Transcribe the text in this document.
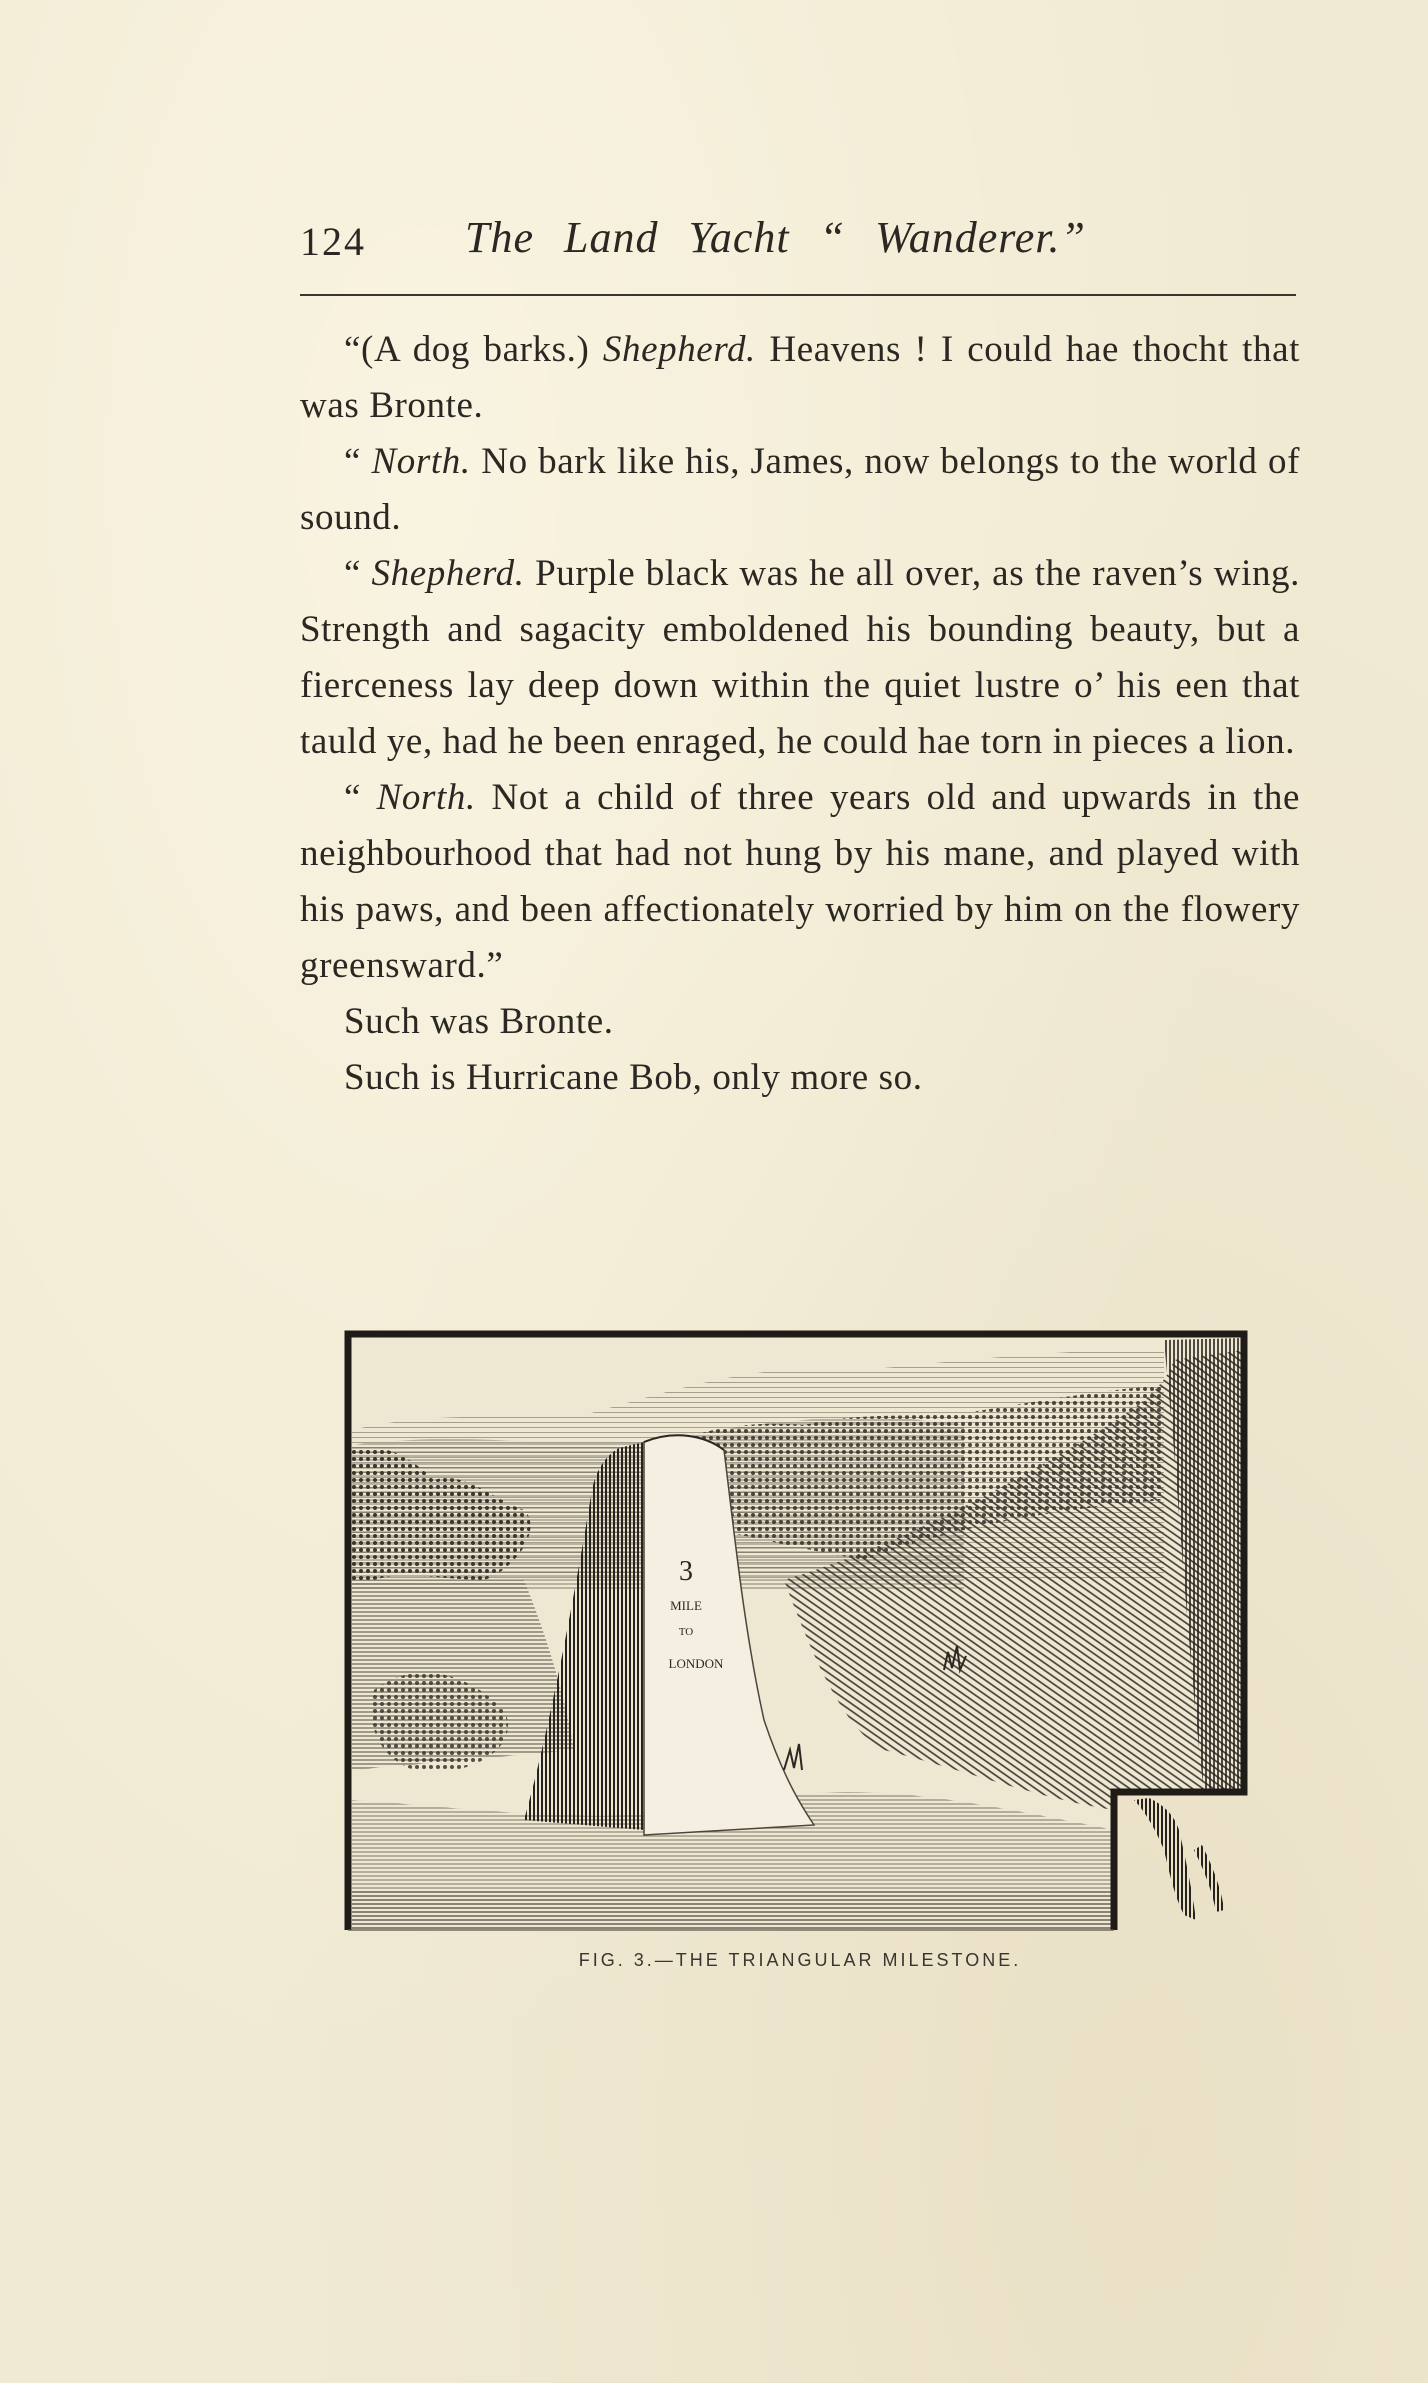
124 The Land Yacht “ Wanderer.”

“(A dog barks.) Shepherd. Heavens ! I could hae thocht that was Bronte.

“ North. No bark like his, James, now belongs to the world of sound.

“ Shepherd. Purple black was he all over, as the raven’s wing. Strength and sagacity emboldened his bounding beauty, but a fierceness lay deep down within the quiet lustre o’ his een that tauld ye, had he been enraged, he could hae torn in pieces a lion.

“ North. Not a child of three years old and upwards in the neighbourhood that had not hung by his mane, and played with his paws, and been affectionately worried by him on the flowery greensward.”

Such was Bronte.

Such is Hurricane Bob, only more so.

3
MILE
TO
LONDON
FIG. 3.—THE TRIANGULAR MILESTONE.
